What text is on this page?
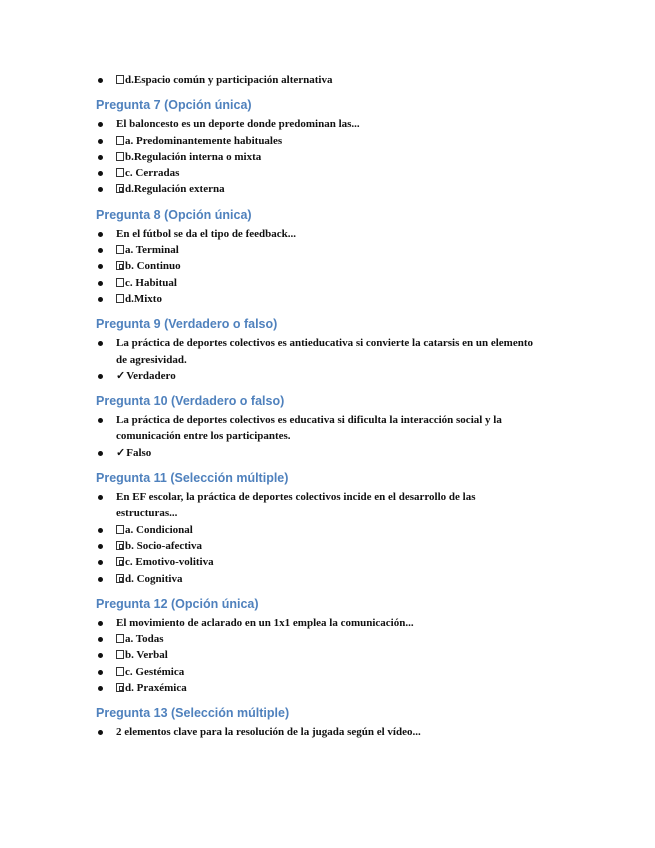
d.Espacio común y participación alternativa
Pregunta 7 (Opción única)
El baloncesto es un deporte donde predominan las...
a. Predominantemente habituales
b.Regulación interna o mixta
c. Cerradas
d.Regulación externa
Pregunta 8 (Opción única)
En el fútbol se da el tipo de feedback...
a. Terminal
b. Continuo
c. Habitual
d.Mixto
Pregunta 9 (Verdadero o falso)
La práctica de deportes colectivos es antieducativa si convierte la catarsis en un elemento de agresividad.
✓Verdadero
Pregunta 10 (Verdadero o falso)
La práctica de deportes colectivos es educativa si dificulta la interacción social y la comunicación entre los participantes.
✓Falso
Pregunta 11 (Selección múltiple)
En EF escolar, la práctica de deportes colectivos incide en el desarrollo de las estructuras...
a. Condicional
b. Socio-afectiva
c. Emotivo-volitiva
d. Cognitiva
Pregunta 12 (Opción única)
El movimiento de aclarado en un 1x1 emplea la comunicación...
a. Todas
b. Verbal
c. Gestémica
d. Praxémica
Pregunta 13 (Selección múltiple)
2 elementos clave para la resolución de la jugada según el vídeo...
